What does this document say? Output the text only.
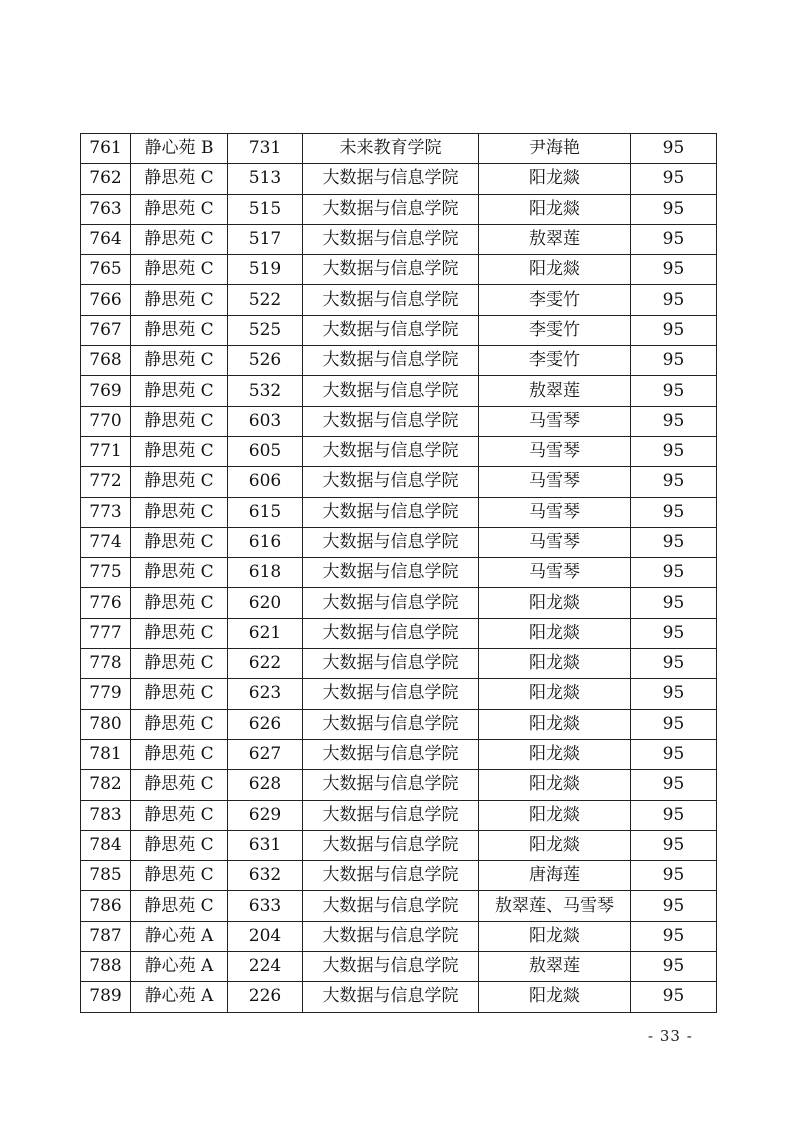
761	静心苑 B	731	未来教育学院	尹海艳	95
762	静思苑 C	513	大数据与信息学院	阳龙燚	95
763	静思苑 C	515	大数据与信息学院	阳龙燚	95
764	静思苑 C	517	大数据与信息学院	敖翠莲	95
765	静思苑 C	519	大数据与信息学院	阳龙燚	95
766	静思苑 C	522	大数据与信息学院	李雯竹	95
767	静思苑 C	525	大数据与信息学院	李雯竹	95
768	静思苑 C	526	大数据与信息学院	李雯竹	95
769	静思苑 C	532	大数据与信息学院	敖翠莲	95
770	静思苑 C	603	大数据与信息学院	马雪琴	95
771	静思苑 C	605	大数据与信息学院	马雪琴	95
772	静思苑 C	606	大数据与信息学院	马雪琴	95
773	静思苑 C	615	大数据与信息学院	马雪琴	95
774	静思苑 C	616	大数据与信息学院	马雪琴	95
775	静思苑 C	618	大数据与信息学院	马雪琴	95
776	静思苑 C	620	大数据与信息学院	阳龙燚	95
777	静思苑 C	621	大数据与信息学院	阳龙燚	95
778	静思苑 C	622	大数据与信息学院	阳龙燚	95
779	静思苑 C	623	大数据与信息学院	阳龙燚	95
780	静思苑 C	626	大数据与信息学院	阳龙燚	95
781	静思苑 C	627	大数据与信息学院	阳龙燚	95
782	静思苑 C	628	大数据与信息学院	阳龙燚	95
783	静思苑 C	629	大数据与信息学院	阳龙燚	95
784	静思苑 C	631	大数据与信息学院	阳龙燚	95
785	静思苑 C	632	大数据与信息学院	唐海莲	95
786	静思苑 C	633	大数据与信息学院	敖翠莲、马雪琴	95
787	静心苑 A	204	大数据与信息学院	阳龙燚	95
788	静心苑 A	224	大数据与信息学院	敖翠莲	95
789	静心苑 A	226	大数据与信息学院	阳龙燚	95
- 33 -
